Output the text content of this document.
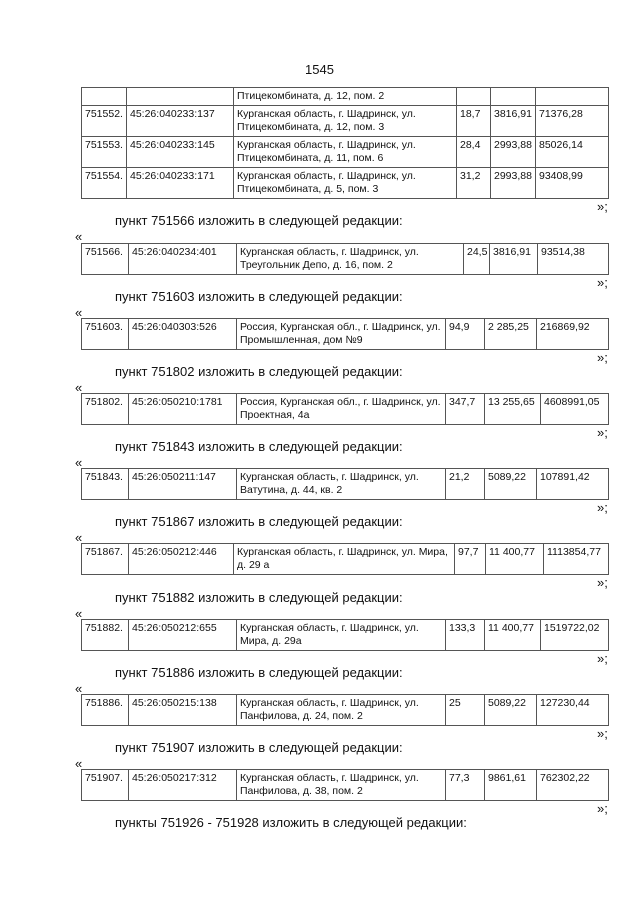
1545
		Птицекомбината, д. 12, пом. 2			
751552.	45:26:040233:137	Курганская область, г. Шадринск, ул. Птицекомбината, д. 12, пом. 3	18,7	3816,91	71376,28
751553.	45:26:040233:145	Курганская область, г. Шадринск, ул. Птицекомбината, д. 11, пом. 6	28,4	2993,88	85026,14
751554.	45:26:040233:171	Курганская область, г. Шадринск, ул. Птицекомбината, д. 5, пом. 3	31,2	2993,88	93408,99
»;
пункт 751566 изложить в следующей редакции:
«
751566.	45:26:040234:401	Курганская область, г. Шадринск, ул. Треугольник Депо, д. 16, пом. 2	24,5	3816,91	93514,38
»;
пункт 751603 изложить в следующей редакции:
«
751603.	45:26:040303:526	Россия, Курганская обл., г. Шадринск, ул. Промышленная, дом №9	94,9	2 285,25	216869,92
»;
пункт 751802 изложить в следующей редакции:
«
751802.	45:26:050210:1781	Россия, Курганская обл., г. Шадринск, ул. Проектная, 4а	347,7	13 255,65	4608991,05
»;
пункт 751843 изложить в следующей редакции:
«
751843.	45:26:050211:147	Курганская область, г. Шадринск, ул. Ватутина, д. 44, кв. 2	21,2	5089,22	107891,42
»;
пункт 751867 изложить в следующей редакции:
«
751867.	45:26:050212:446	Курганская область, г. Шадринск, ул. Мира, д. 29 а	97,7	11 400,77	1113854,77
»;
пункт 751882 изложить в следующей редакции:
«
751882.	45:26:050212:655	Курганская область, г. Шадринск, ул. Мира, д. 29а	133,3	11 400,77	1519722,02
»;
пункт 751886 изложить в следующей редакции:
«
751886.	45:26:050215:138	Курганская область, г. Шадринск, ул. Панфилова, д. 24, пом. 2	25	5089,22	127230,44
»;
пункт 751907 изложить в следующей редакции:
«
751907.	45:26:050217:312	Курганская область, г. Шадринск, ул. Панфилова, д. 38, пом. 2	77,3	9861,61	762302,22
»;
пункты 751926 - 751928 изложить в следующей редакции:
